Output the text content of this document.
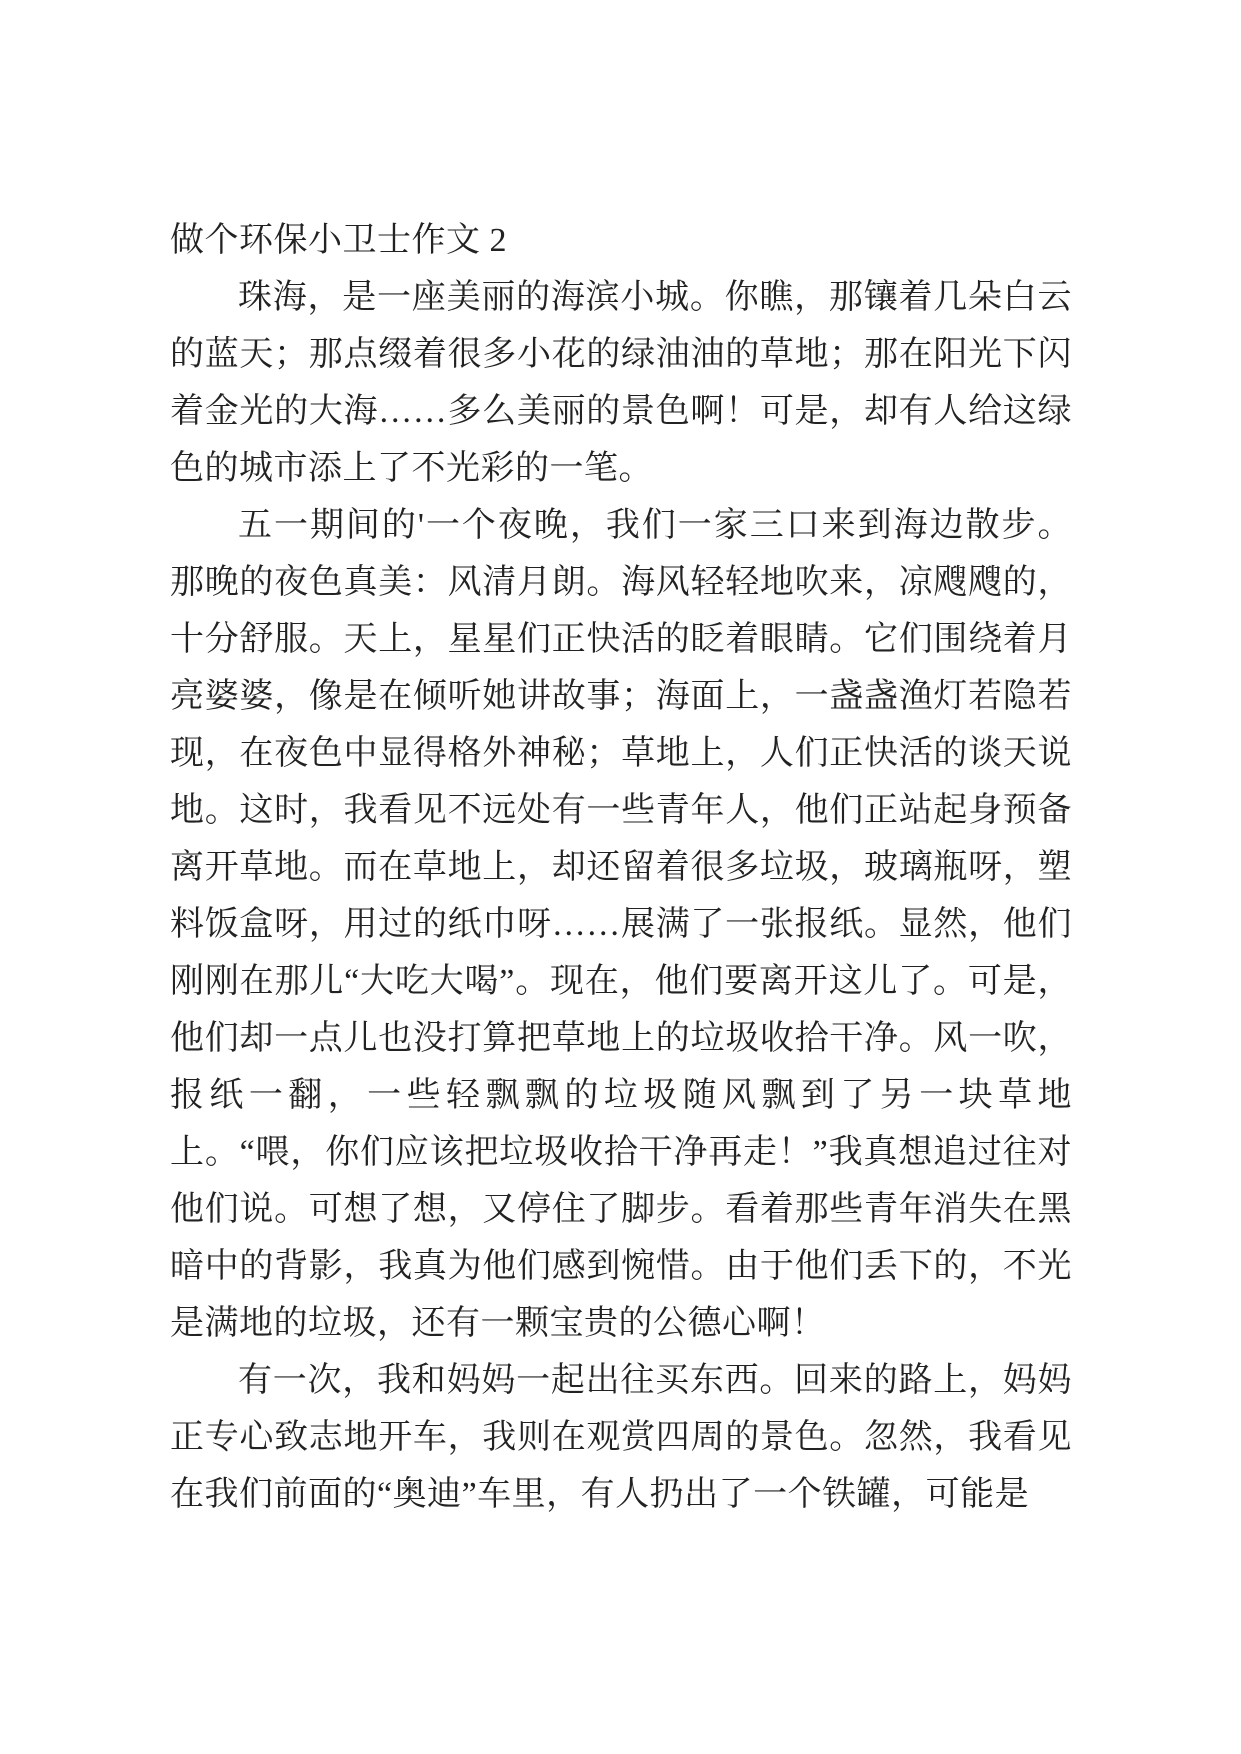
做个环保小卫士作文 2

珠海，是一座美丽的海滨小城。你瞧，那镶着几朵白云的蓝天；那点缀着很多小花的绿油油的草地；那在阳光下闪着金光的大海……多么美丽的景色啊！可是，却有人给这绿色的城市添上了不光彩的一笔。

五一期间的'一个夜晚，我们一家三口来到海边散步。那晚的夜色真美：风清月朗。海风轻轻地吹来，凉飕飕的，十分舒服。天上，星星们正快活的眨着眼睛。它们围绕着月亮婆婆，像是在倾听她讲故事；海面上，一盏盏渔灯若隐若现，在夜色中显得格外神秘；草地上，人们正快活的谈天说地。这时，我看见不远处有一些青年人，他们正站起身预备离开草地。而在草地上，却还留着很多垃圾，玻璃瓶呀，塑料饭盒呀，用过的纸巾呀……展满了一张报纸。显然，他们刚刚在那儿“大吃大喝”。现在，他们要离开这儿了。可是，他们却一点儿也没打算把草地上的垃圾收拾干净。风一吹，报纸一翻，一些轻飘飘的垃圾随风飘到了另一块草地上。“喂，你们应该把垃圾收拾干净再走！”我真想追过往对他们说。可想了想，又停住了脚步。看着那些青年消失在黑暗中的背影，我真为他们感到惋惜。由于他们丢下的，不光是满地的垃圾，还有一颗宝贵的公德心啊！

有一次，我和妈妈一起出往买东西。回来的路上，妈妈正专心致志地开车，我则在观赏四周的景色。忽然，我看见在我们前面的“奥迪”车里，有人扔出了一个铁罐，可能是
